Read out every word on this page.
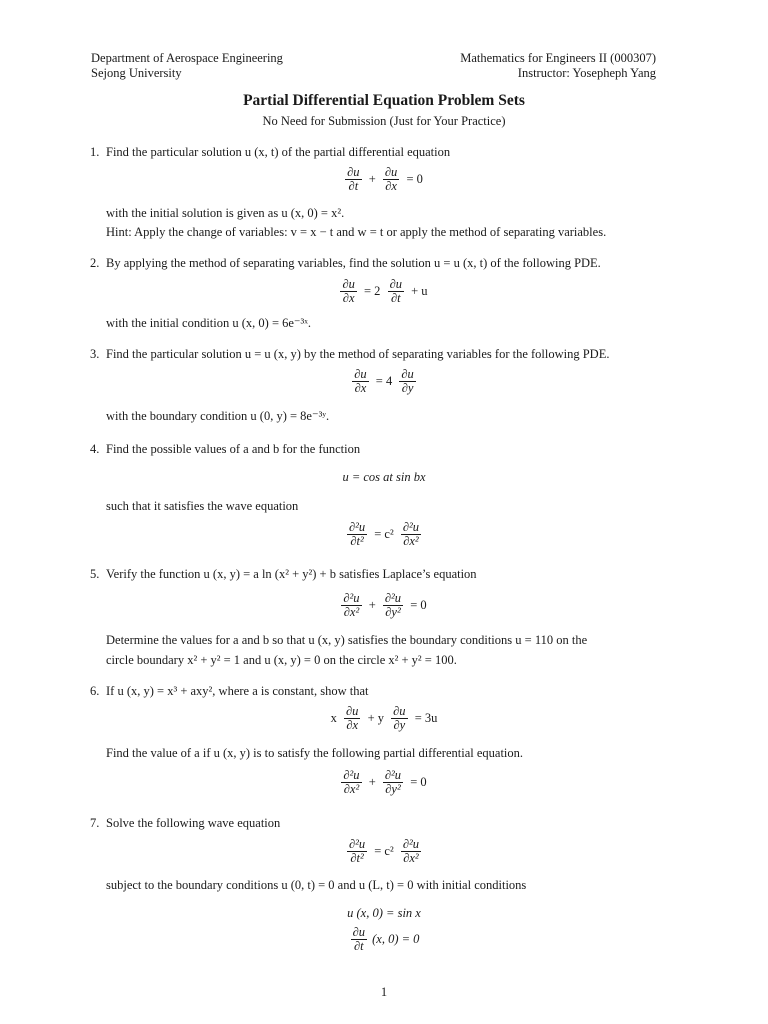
Department of Aerospace Engineering
Sejong University
Mathematics for Engineers II (000307)
Instructor: Yosepheph Yang
Partial Differential Equation Problem Sets
No Need for Submission (Just for Your Practice)
1. Find the particular solution u (x, t) of the partial differential equation
$\frac{\partial u}{\partial t} + \frac{\partial u}{\partial x} = 0$
with the initial solution is given as u (x, 0) = x².
Hint: Apply the change of variables: v = x − t and w = t or apply the method of separating variables.
2. By applying the method of separating variables, find the solution u = u (x, t) of the following PDE.
$\frac{\partial u}{\partial x} = 2 \frac{\partial u}{\partial t} + u$
with the initial condition u (x, 0) = 6e⁻³ˣ.
3. Find the particular solution u = u (x, y) by the method of separating variables for the following PDE.
$\frac{\partial u}{\partial x} = 4 \frac{\partial u}{\partial y}$
with the boundary condition u (0, y) = 8e⁻³ʸ.
4. Find the possible values of a and b for the function
u = cos at sin bx
such that it satisfies the wave equation
$\frac{\text{∂²u}}{\text{∂t²}} = c^2 \frac{\text{∂²u}}{\text{∂x²}}$
5. Verify the function u (x, y) = a ln (x² + y²) + b satisfies Laplace’s equation
$\frac{\text{∂²u}}{\text{∂x²}} + \frac{\text{∂²u}}{\text{∂y²}} = 0$
Determine the values for a and b so that u (x, y) satisfies the boundary conditions u = 110 on the
circle boundary x² + y² = 1 and u (x, y) = 0 on the circle x² + y² = 100.
6. If u (x, y) = x³ + axy², where a is constant, show that
x $\frac{\partial u}{\partial x} + y \frac{\partial u}{\partial y} = 3u$
Find the value of a if u (x, y) is to satisfy the following partial differential equation.
$\frac{\text{∂²u}}{\text{∂x²}} + \frac{\text{∂²u}}{\text{∂y²}} = 0$
7. Solve the following wave equation
$\frac{\text{∂²u}}{\text{∂t²}} = c^2 \frac{\text{∂²u}}{\text{∂x²}}$
subject to the boundary conditions u (0, t) = 0 and u (L, t) = 0 with initial conditions
u (x, 0) = sin x
$\frac{\partial u}{\partial t} (x$, 0) = 0
1
